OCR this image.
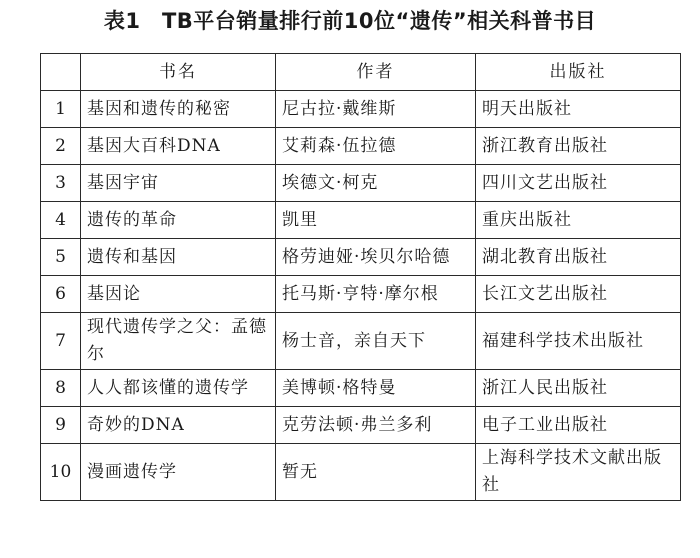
表1　TB平台销量排行前10位“遗传”相关科普书目
	书名	作者	出版社
1	基因和遗传的秘密	尼古拉·戴维斯	明天出版社
2	基因大百科DNA	艾莉森·伍拉德	浙江教育出版社
3	基因宇宙	埃德文·柯克	四川文艺出版社
4	遗传的革命	凯里	重庆出版社
5	遗传和基因	格劳迪娅·埃贝尔哈德	湖北教育出版社
6	基因论	托马斯·亨特·摩尔根	长江文艺出版社
7	现代遗传学之父：孟德尔	杨士音，亲自天下	福建科学技术出版社
8	人人都该懂的遗传学	美博顿·格特曼	浙江人民出版社
9	奇妙的DNA	克劳法顿·弗兰多利	电子工业出版社
10	漫画遗传学	暂无	上海科学技术文献出版社
